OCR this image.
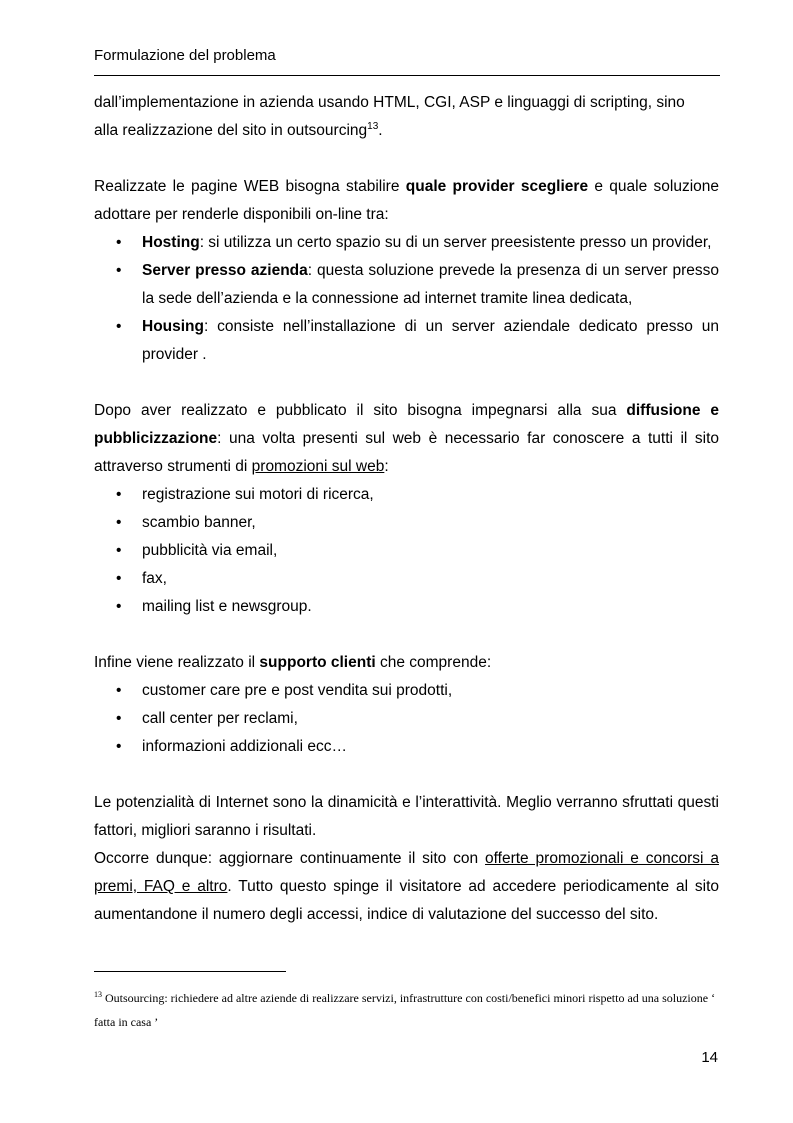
Formulazione del problema

dall’implementazione in azienda usando HTML, CGI, ASP e linguaggi di scripting, sino
alla realizzazione del sito in outsourcing$^{13}$.

Realizzate le pagine WEB bisogna stabilire quale provider scegliere e quale soluzione adottare per renderle disponibili on-line tra:

• Hosting: si utilizza un certo spazio su di un server preesistente presso un provider,
• Server presso azienda: questa soluzione prevede la presenza di un server presso la sede dell’azienda e la connessione ad internet tramite linea dedicata,
• Housing: consiste nell’installazione di un server aziendale dedicato presso un provider .

Dopo aver realizzato e pubblicato il sito bisogna impegnarsi alla sua diffusione e pubblicizzazione: una volta presenti sul web è necessario far conoscere a tutti il sito attraverso strumenti di promozioni sul web:

• registrazione sui motori di ricerca,
• scambio banner,
• pubblicità via email,
• fax,
• mailing list e newsgroup.

Infine viene realizzato il supporto clienti che comprende:

• customer care pre e post vendita sui prodotti,
• call center per reclami,
• informazioni addizionali ecc…

Le potenzialità di Internet sono la dinamicità e l’interattività. Meglio verranno sfruttati questi fattori, migliori saranno i risultati.

Occorre dunque: aggiornare continuamente il sito con offerte promozionali e concorsi a premi, FAQ e altro. Tutto questo spinge il visitatore ad accedere periodicamente al sito aumentandone il numero degli accessi, indice di valutazione del successo del sito.

$^{13}$ Outsourcing: richiedere ad altre aziende di realizzare servizi, infrastrutture con costi/benefici minori rispetto ad una soluzione ‘ fatta in casa ’
14
